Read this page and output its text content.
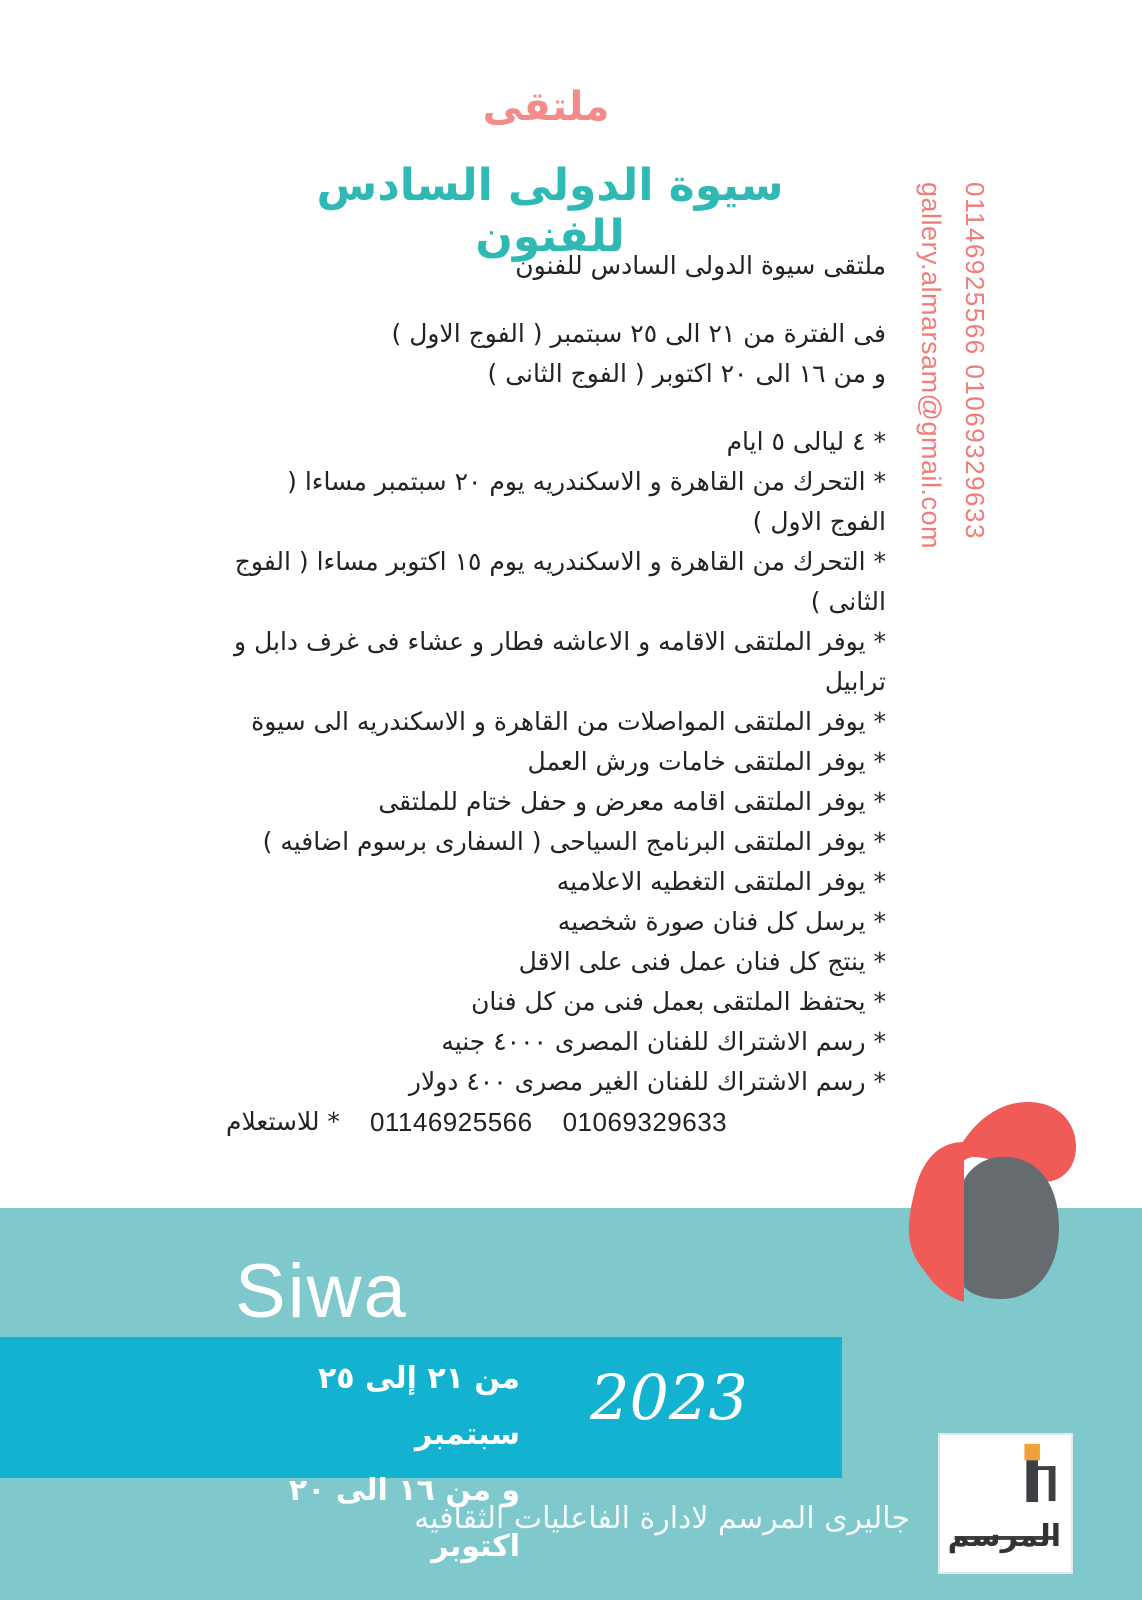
ملتقى
سيوة الدولى السادس للفنون	gallery.almarsam@gmail.com 01146925566 01069329633
ملتقى سيوة الدولى السادس للفنون
فى الفترة من ٢١ الى ٢٥ سبتمبر ( الفوج الاول )
و من ١٦ الى ٢٠ اكتوبر ( الفوج الثانى )
* ٤ ليالى ٥ ايام
* التحرك من القاهرة و الاسكندريه يوم ٢٠ سبتمبر مساءا ( الفوج الاول )
* التحرك من القاهرة و الاسكندريه يوم ١٥ اكتوبر مساءا ( الفوج الثانى )
* يوفر الملتقى الاقامه و الاعاشه فطار و عشاء فى غرف دابل و ترابيل
* يوفر الملتقى المواصلات من القاهرة و الاسكندريه الى سيوة
* يوفر الملتقى خامات ورش العمل
* يوفر الملتقى اقامه معرض و حفل ختام للملتقى
* يوفر الملتقى البرنامج السياحى ( السفارى برسوم اضافيه )
* يوفر الملتقى التغطيه الاعلاميه
* يرسل كل فنان صورة شخصيه
* ينتج كل فنان عمل فنى على الاقل
* يحتفظ الملتقى بعمل فنى من كل فنان
* رسم الاشتراك للفنان المصرى ٤٠٠٠ جنيه
* رسم الاشتراك للفنان الغير مصرى ٤٠٠ دولار
* للاستعلام 01146925566 01069329633
Siwa
من ٢١ إلى ٢٥ سبتمبر
و من ١٦ الى ٢٠ اكتوبر
2023
جاليرى المرسم لادارة الفاعليات الثقافيه
المرسم
